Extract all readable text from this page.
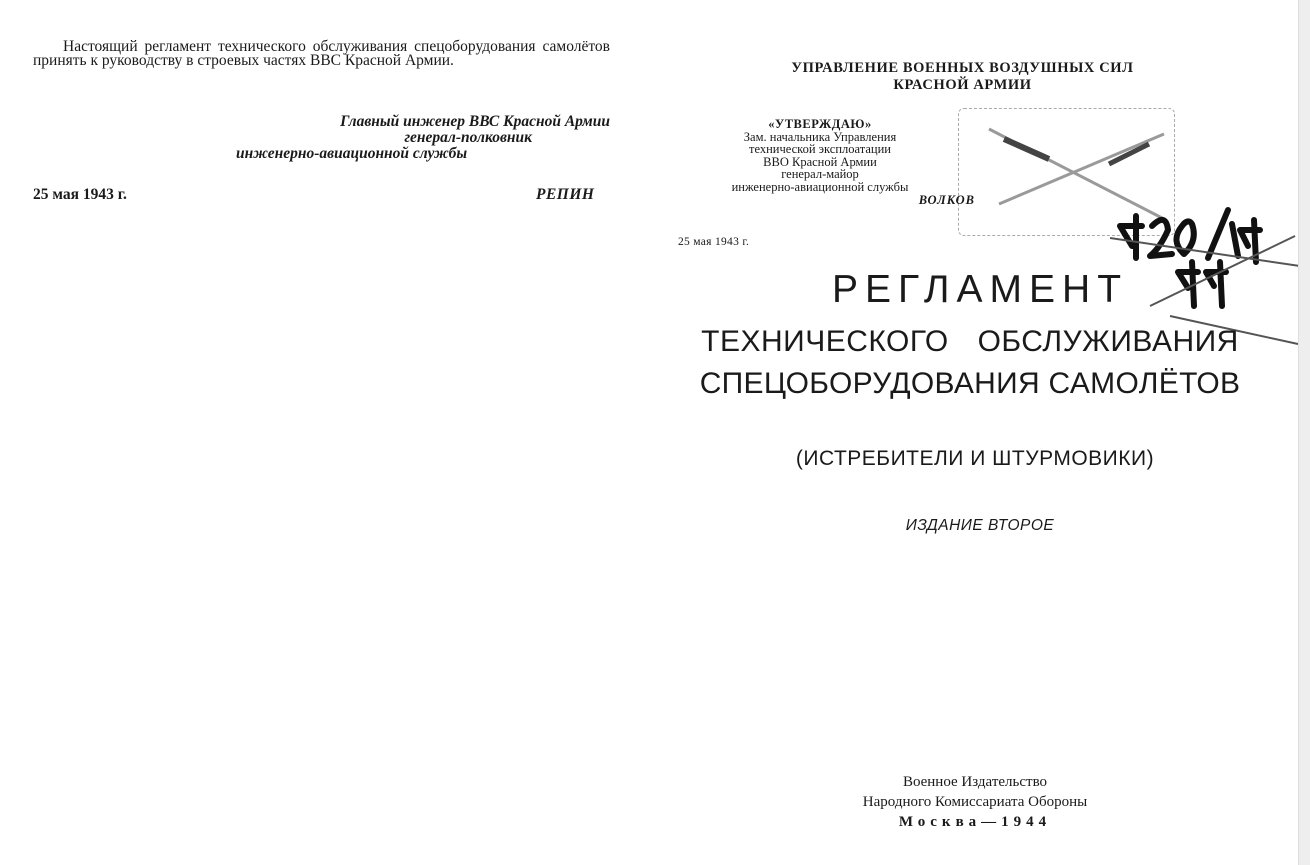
Настоящий регламент технического обслуживания спецоборудования самолётов принять к руководству в строевых частях ВВС Красной Армии.

Главный инженер ВВС Красной Армии
генерал-полковник
инженерно-авиационной службы
25 мая 1943 г.	РЕПИН
УПРАВЛЕНИЕ ВОЕННЫХ ВОЗДУШНЫХ СИЛ
КРАСНОЙ АРМИИ
«УТВЕРЖДАЮ»
Зам. начальника Управления
технической эксплоатации
ВВО Красной Армии
генерал-майор
инженерно-авиационной службы
ВОЛКОВ
25 мая 1943 г.
РЕГЛАМЕНТ
ТЕХНИЧЕСКОГО ОБСЛУЖИВАНИЯ
СПЕЦОБОРУДОВАНИЯ САМОЛЁТОВ
(ИСТРЕБИТЕЛИ И ШТУРМОВИКИ)
ИЗДАНИЕ ВТОРОЕ
Военное Издательство
Народного Комиссариата Обороны
Москва—1944
